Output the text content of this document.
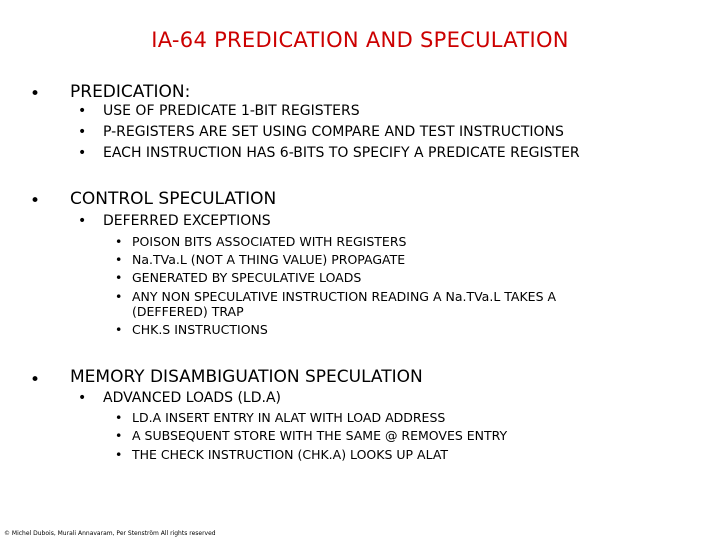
IA-64 PREDICATION AND SPECULATION
• PREDICATION:
• USE OF PREDICATE 1-BIT REGISTERS
• P-REGISTERS ARE SET USING COMPARE AND TEST INSTRUCTIONS
• EACH INSTRUCTION HAS 6-BITS TO SPECIFY A PREDICATE REGISTER
• CONTROL SPECULATION
• DEFERRED EXCEPTIONS
• POISON BITS ASSOCIATED WITH REGISTERS
• Na.TVa.L (NOT A THING VALUE) PROPAGATE
• GENERATED BY SPECULATIVE LOADS
• ANY NON SPECULATIVE INSTRUCTION READING A Na.TVa.L TAKES A
(DEFFERED) TRAP
• CHK.S INSTRUCTIONS
• MEMORY DISAMBIGUATION SPECULATION
• ADVANCED LOADS (LD.A)
• LD.A INSERT ENTRY IN ALAT WITH LOAD ADDRESS
• A SUBSEQUENT STORE WITH THE SAME @ REMOVES ENTRY
• THE CHECK INSTRUCTION (CHK.A) LOOKS UP ALAT
© Michel Dubois, Murali Annavaram, Per Stenström All rights reserved
